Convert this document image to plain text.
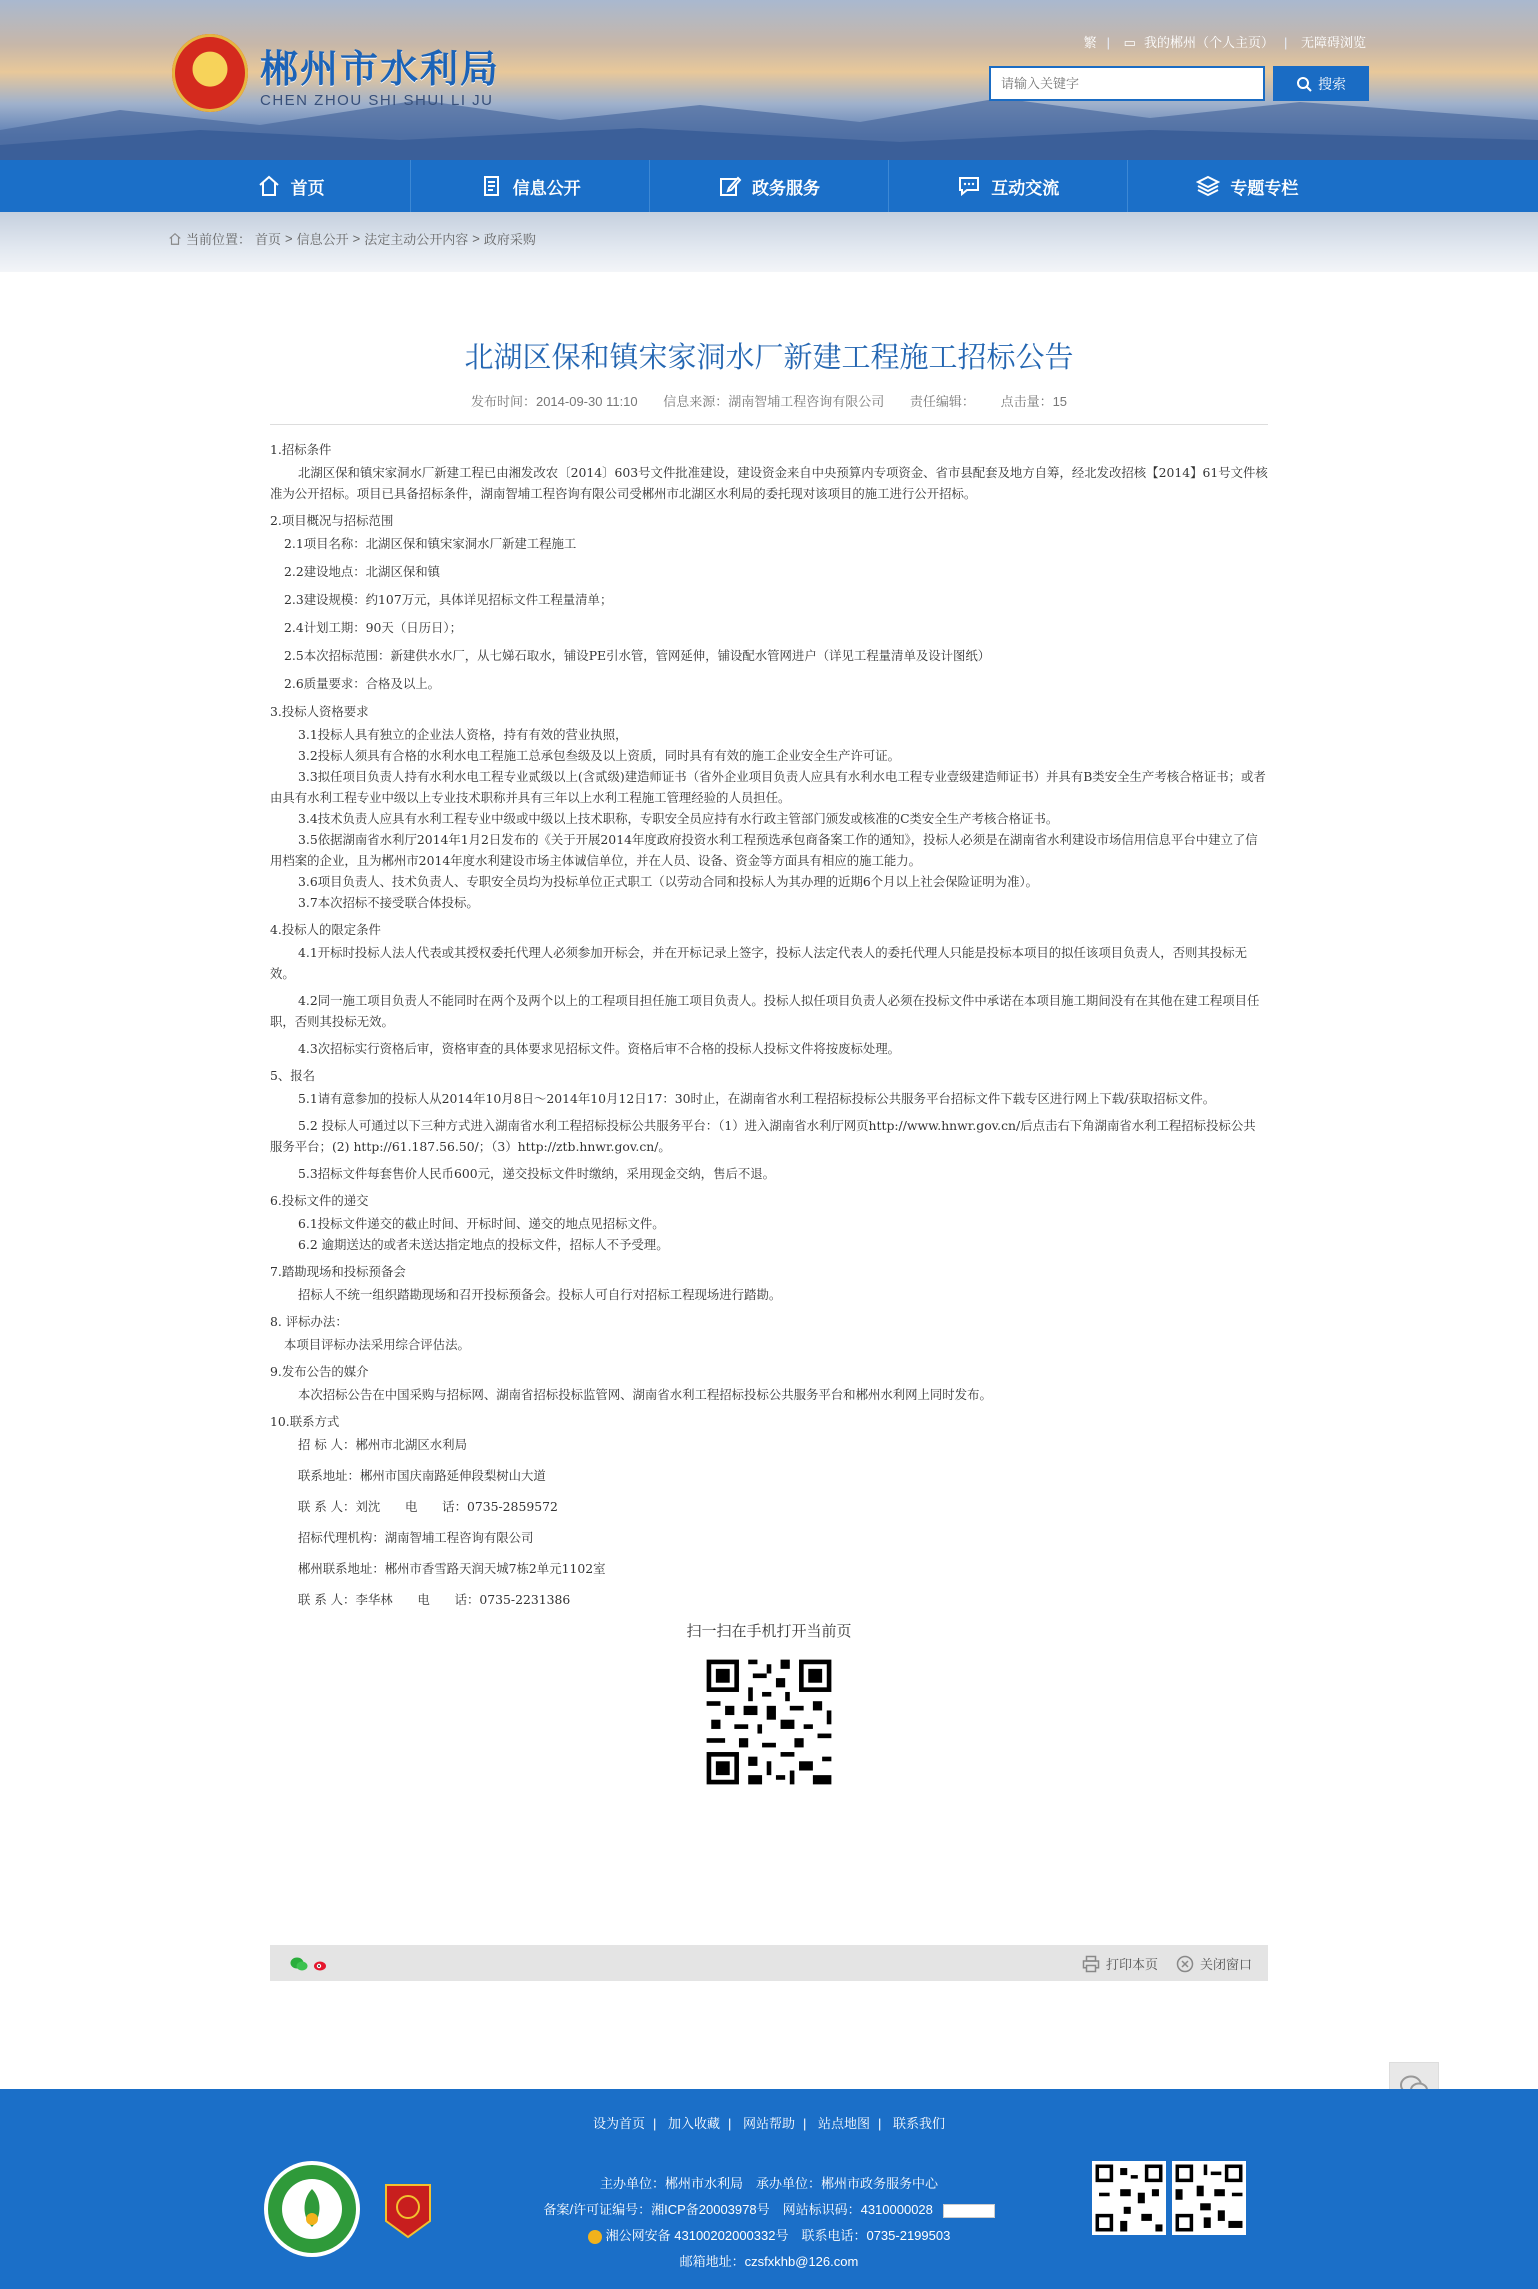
★	郴州市水利局
CHEN ZHOU SHI SHUI LI JU
繁 | ▭ 我的郴州（个人主页） | 无障碍浏览
请输入关键字
搜索
首页	信息公开	政务服务	互动交流	专题专栏
当前位置： 首页 > 信息公开 > 法定主动公开内容 > 政府采购
北湖区保和镇宋家洞水厂新建工程施工招标公告
发布时间：2014-09-30 11:10 信息来源：湖南智埔工程咨询有限公司 责任编辑： 点击量：15

1.招标条件

北湖区保和镇宋家洞水厂新建工程已由湘发改农〔2014〕603号文件批准建设，建设资金来自中央预算内专项资金、省市县配套及地方自筹，经北发改招核【2014】61号文件核准为公开招标。项目已具备招标条件，湖南智埔工程咨询有限公司受郴州市北湖区水利局的委托现对该项目的施工进行公开招标。

2.项目概况与招标范围

2.1项目名称：北湖区保和镇宋家洞水厂新建工程施工

2.2建设地点：北湖区保和镇

2.3建设规模：约107万元，具体详见招标文件工程量清单；

2.4计划工期：90天（日历日）；

2.5本次招标范围：新建供水水厂，从七娣石取水，铺设PE引水管，管网延伸，铺设配水管网进户（详见工程量清单及设计图纸）

2.6质量要求：合格及以上。

3.投标人资格要求

3.1投标人具有独立的企业法人资格，持有有效的营业执照，

3.2投标人须具有合格的水利水电工程施工总承包叁级及以上资质，同时具有有效的施工企业安全生产许可证。

3.3拟任项目负责人持有水利水电工程专业贰级以上(含贰级)建造师证书（省外企业项目负责人应具有水利水电工程专业壹级建造师证书）并具有B类安全生产考核合格证书；或者由具有水利工程专业中级以上专业技术职称并具有三年以上水利工程施工管理经验的人员担任。

3.4技术负责人应具有水利工程专业中级或中级以上技术职称，专职安全员应持有水行政主管部门颁发或核准的C类安全生产考核合格证书。

3.5依据湖南省水利厅2014年1月2日发布的《关于开展2014年度政府投资水利工程预选承包商备案工作的通知》，投标人必须是在湖南省水利建设市场信用信息平台中建立了信用档案的企业，且为郴州市2014年度水利建设市场主体诚信单位，并在人员、设备、资金等方面具有相应的施工能力。

3.6项目负责人、技术负责人、专职安全员均为投标单位正式职工（以劳动合同和投标人为其办理的近期6个月以上社会保险证明为准）。

3.7本次招标不接受联合体投标。

4.投标人的限定条件

4.1开标时投标人法人代表或其授权委托代理人必须参加开标会，并在开标记录上签字，投标人法定代表人的委托代理人只能是投标本项目的拟任该项目负责人，否则其投标无效。

4.2同一施工项目负责人不能同时在两个及两个以上的工程项目担任施工项目负责人。投标人拟任项目负责人必须在投标文件中承诺在本项目施工期间没有在其他在建工程项目任职，否则其投标无效。

4.3次招标实行资格后审，资格审查的具体要求见招标文件。资格后审不合格的投标人投标文件将按废标处理。

5、报名

5.1请有意参加的投标人从2014年10月8日～2014年10月12日17：30时止，在湖南省水利工程招标投标公共服务平台招标文件下载专区进行网上下载/获取招标文件。

5.2 投标人可通过以下三种方式进入湖南省水利工程招标投标公共服务平台：（1）进入湖南省水利厅网页http://www.hnwr.gov.cn/后点击右下角湖南省水利工程招标投标公共服务平台；(2) http://61.187.56.50/；（3）http://ztb.hnwr.gov.cn/。

5.3招标文件每套售价人民币600元，递交投标文件时缴纳，采用现金交纳，售后不退。

6.投标文件的递交

6.1投标文件递交的截止时间、开标时间、递交的地点见招标文件。

6.2 逾期送达的或者未送达指定地点的投标文件，招标人不予受理。

7.踏勘现场和投标预备会

招标人不统一组织踏勘现场和召开投标预备会。投标人可自行对招标工程现场进行踏勘。

8. 评标办法：

本项目评标办法采用综合评估法。

9.发布公告的媒介

本次招标公告在中国采购与招标网、湖南省招标投标监管网、湖南省水利工程招标投标公共服务平台和郴州水利网上同时发布。

10.联系方式

招 标 人：郴州市北湖区水利局

联系地址：郴州市国庆南路延伸段梨树山大道

联 系 人：刘沈　　电　　话：0735-2859572

招标代理机构：湖南智埔工程咨询有限公司

郴州联系地址：郴州市香雪路天润天城7栋2单元1102室

联 系 人：李华林　　电　　话：0735-2231386

扫一扫在手机打开当前页
打印本页	关闭窗口
设为首页 | 加入收藏 | 网站帮助 | 站点地图 | 联系我们
主办单位：郴州市水利局　承办单位：郴州市政务服务中心
备案/许可证编号：湘ICP备20003978号　网站标识码：4310000028
湘公网安备 43100202000332号　联系电话：0735-2199503
邮箱地址：czsfxkhb@126.com
